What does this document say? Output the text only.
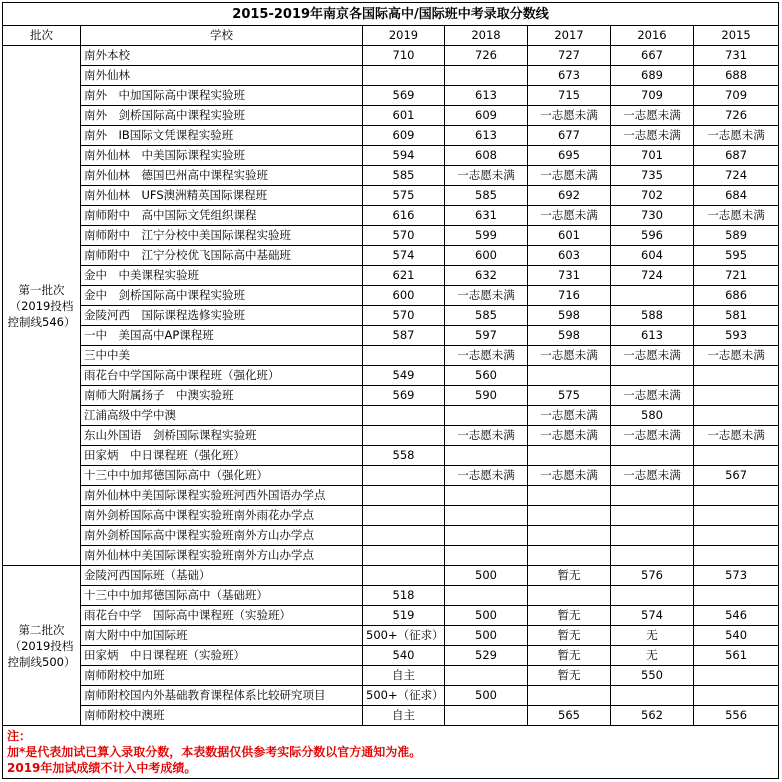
2015-2019年南京各国际高中/国际班中考录取分数线						
批次	学校	2019	2018	2017	2016	2015

第一批次
（2019投档
控制线546）	南外本校	710	726	727	667	731
	南外仙林			673	689	688
	南外　中加国际高中课程实验班	569	613	715	709	709
	南外　剑桥国际高中课程实验班	601	609	一志愿未满	一志愿未满	726
	南外　IB国际文凭课程实验班	609	613	677	一志愿未满	一志愿未满
	南外仙林　中美国际课程实验班	594	608	695	701	687
	南外仙林　德国巴州高中课程实验班	585	一志愿未满	一志愿未满	735	724
	南外仙林　UFS澳洲精英国际课程班	575	585	692	702	684
	南师附中　高中国际文凭组织课程	616	631	一志愿未满	730	一志愿未满
	南师附中　江宁分校中美国际课程实验班	570	599	601	596	589
	南师附中　江宁分校优飞国际高中基础班	574	600	603	604	595
	金中　中美课程实验班	621	632	731	724	721
	金中　剑桥国际高中课程实验班	600	一志愿未满	716		686
	金陵河西　国际课程选修实验班	570	585	598	588	581
	一中　美国高中AP课程班	587	597	598	613	593
	三中中美		一志愿未满	一志愿未满	一志愿未满	一志愿未满
	雨花台中学国际高中课程班（强化班）	549	560			
	南师大附属扬子　中澳实验班	569	590	575	一志愿未满	
	江浦高级中学中澳			一志愿未满	580	
	东山外国语　剑桥国际课程实验班		一志愿未满	一志愿未满	一志愿未满	一志愿未满
	田家炳　中日课程班（强化班）	558				
	十三中中加邦德国际高中（强化班）		一志愿未满	一志愿未满	一志愿未满	567
	南外仙林中美国际课程实验班河西外国语办学点					
	南外剑桥国际高中课程实验班南外雨花办学点					
	南外剑桥国际高中课程实验班南外方山办学点					
	南外仙林中美国际课程实验班南外方山办学点					

第二批次
（2019投档
控制线500）	金陵河西国际班（基础）		500	暂无	576	573
	十三中中加邦德国际高中（基础班）	518				
	雨花台中学　国际高中课程班（实验班）	519	500	暂无	574	546
	南大附中中加国际班	500+（征求）	500	暂无	无	540
	田家炳　中日课程班（实验班）	540	529	暂无	无	561
	南师附校中加班	自主		暂无	550	
	南师附校国内外基础教育课程体系比较研究项目	500+（征求）	500			
	南师附校中澳班	自主		565	562	556

注：
加*是代表加试已算入录取分数，本表数据仅供参考实际分数以官方通知为准。
2019年加试成绩不计入中考成绩。						
